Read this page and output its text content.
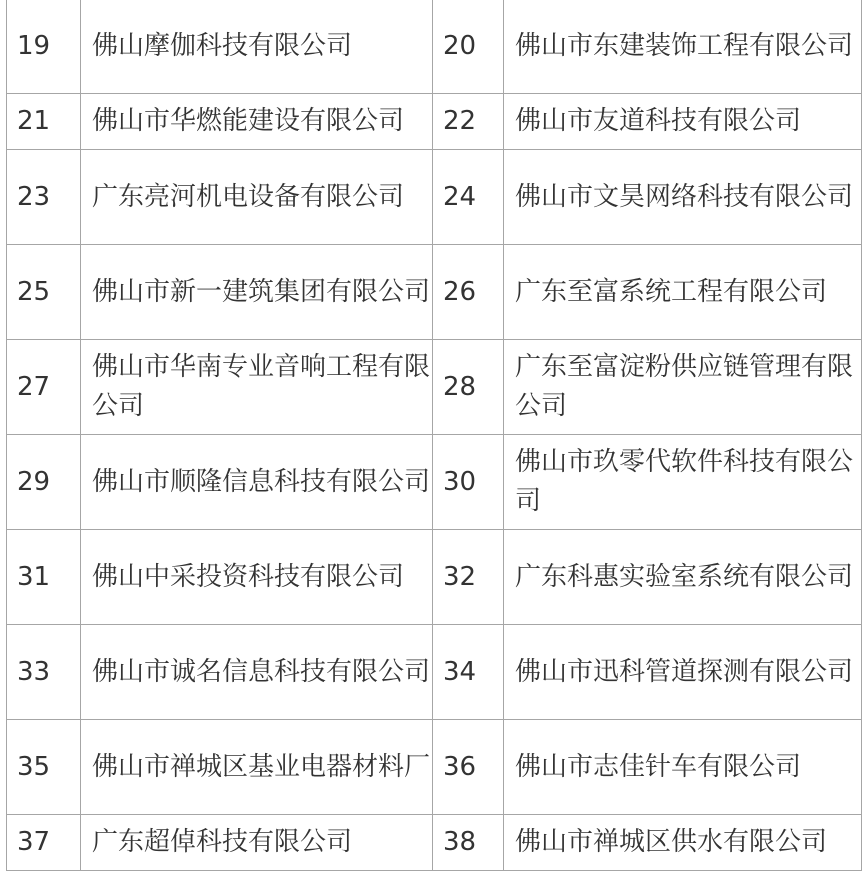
19	佛山摩伽科技有限公司	20	佛山市东建装饰工程有限公司
21	佛山市华燃能建设有限公司	22	佛山市友道科技有限公司
23	广东亮河机电设备有限公司	24	佛山市文昊网络科技有限公司
25	佛山市新一建筑集团有限公司	26	广东至富系统工程有限公司
27	佛山市华南专业音响工程有限公司	28	广东至富淀粉供应链管理有限公司
29	佛山市顺隆信息科技有限公司	30	佛山市玖零代软件科技有限公司
31	佛山中采投资科技有限公司	32	广东科惠实验室系统有限公司
33	佛山市诚名信息科技有限公司	34	佛山市迅科管道探测有限公司
35	佛山市禅城区基业电器材料厂	36	佛山市志佳针车有限公司
37	广东超倬科技有限公司	38	佛山市禅城区供水有限公司
